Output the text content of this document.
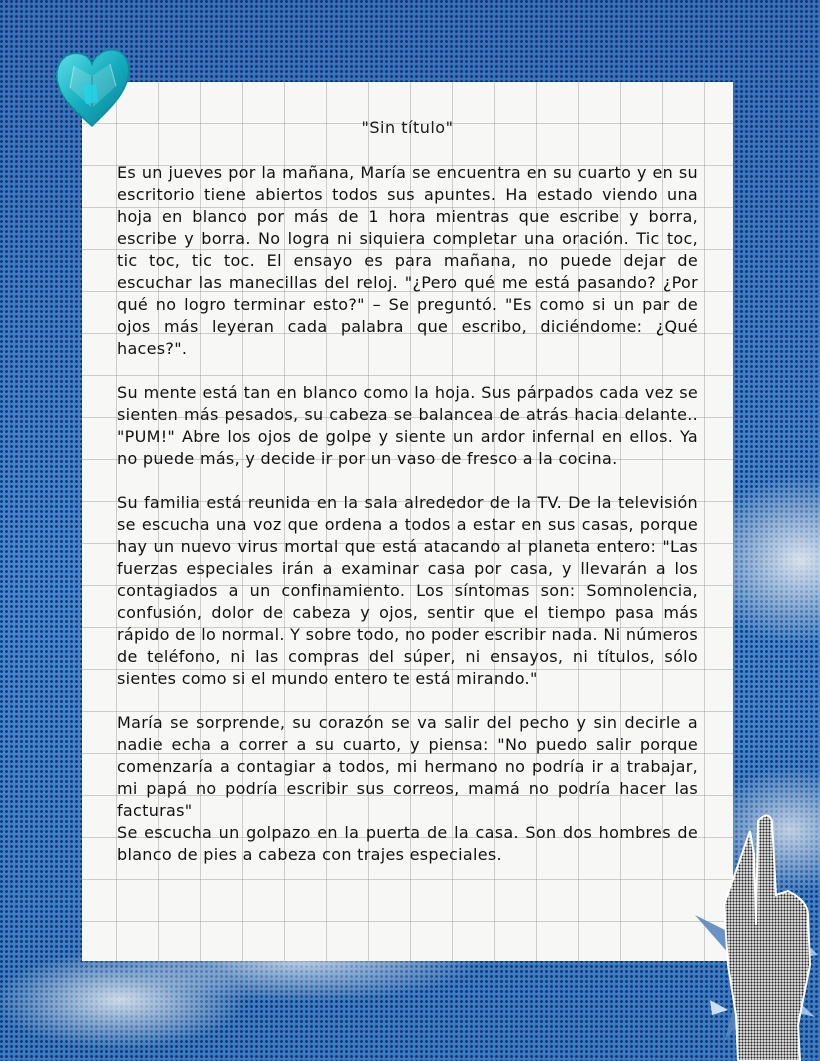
"Sin título"

Es un jueves por la mañana, María se encuentra en su cuarto y en su escritorio tiene abiertos todos sus apuntes. Ha estado viendo una hoja en blanco por más de 1 hora mientras que escribe y borra, escribe y borra. No logra ni siquiera completar una oración. Tic toc, tic toc, tic toc. El ensayo es para mañana, no puede dejar de escuchar las manecillas del reloj. "¿Pero qué me está pasando? ¿Por qué no logro terminar esto?" – Se preguntó. "Es como si un par de ojos más leyeran cada palabra que escribo, diciéndome: ¿Qué haces?".

Su mente está tan en blanco como la hoja. Sus párpados cada vez se sienten más pesados, su cabeza se balancea de atrás hacia delante.. "PUM!" Abre los ojos de golpe y siente un ardor infernal en ellos. Ya no puede más, y decide ir por un vaso de fresco a la cocina.

Su familia está reunida en la sala alrededor de la TV. De la televisión se escucha una voz que ordena a todos a estar en sus casas, porque hay un nuevo virus mortal que está atacando al planeta entero: "Las fuerzas especiales irán a examinar casa por casa, y llevarán a los contagiados a un confinamiento. Los síntomas son: Somnolencia, confusión, dolor de cabeza y ojos, sentir que el tiempo pasa más rápido de lo normal. Y sobre todo, no poder escribir nada. Ni números de teléfono, ni las compras del súper, ni ensayos, ni títulos, sólo sientes como si el mundo entero te está mirando."

María se sorprende, su corazón se va salir del pecho y sin decirle a nadie echa a correr a su cuarto, y piensa: "No puedo salir porque comenzaría a contagiar a todos, mi hermano no podría ir a trabajar, mi papá no podría escribir sus correos, mamá no podría hacer las facturas"

Se escucha un golpazo en la puerta de la casa. Son dos hombres de blanco de pies a cabeza con trajes especiales.
